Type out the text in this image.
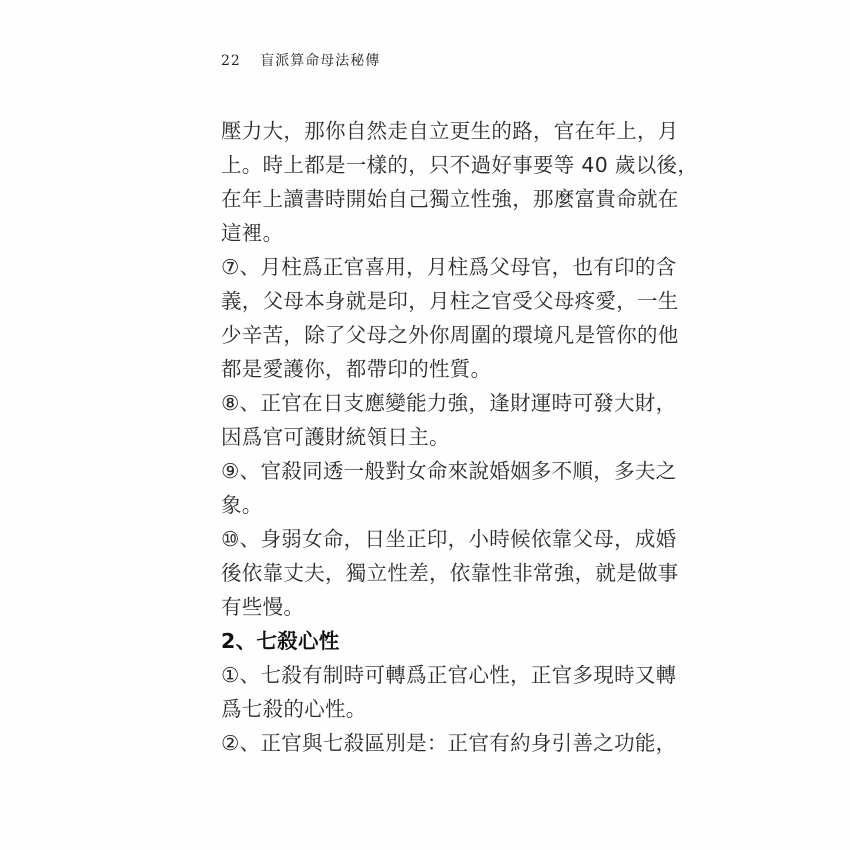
22 盲派算命母法秘傳
壓力大，那你自然走自立更生的路，官在年上，月
上。時上都是一樣的，只不過好事要等 40 歲以後，
在年上讀書時開始自己獨立性強，那麼富貴命就在
這裡。
⑦、月柱爲正官喜用，月柱爲父母官，也有印的含
義，父母本身就是印，月柱之官受父母疼愛，一生
少辛苦，除了父母之外你周圍的環境凡是管你的他
都是愛護你，都帶印的性質。
⑧、正官在日支應變能力強，逢財運時可發大財，
因爲官可護財統領日主。
⑨、官殺同透一般對女命來說婚姻多不順，多夫之
象。
⑩、身弱女命，日坐正印，小時候依靠父母，成婚
後依靠丈夫，獨立性差，依靠性非常強，就是做事
有些慢。
2、七殺心性
①、七殺有制時可轉爲正官心性，正官多現時又轉
爲七殺的心性。
②、正官與七殺區別是：正官有約身引善之功能，
